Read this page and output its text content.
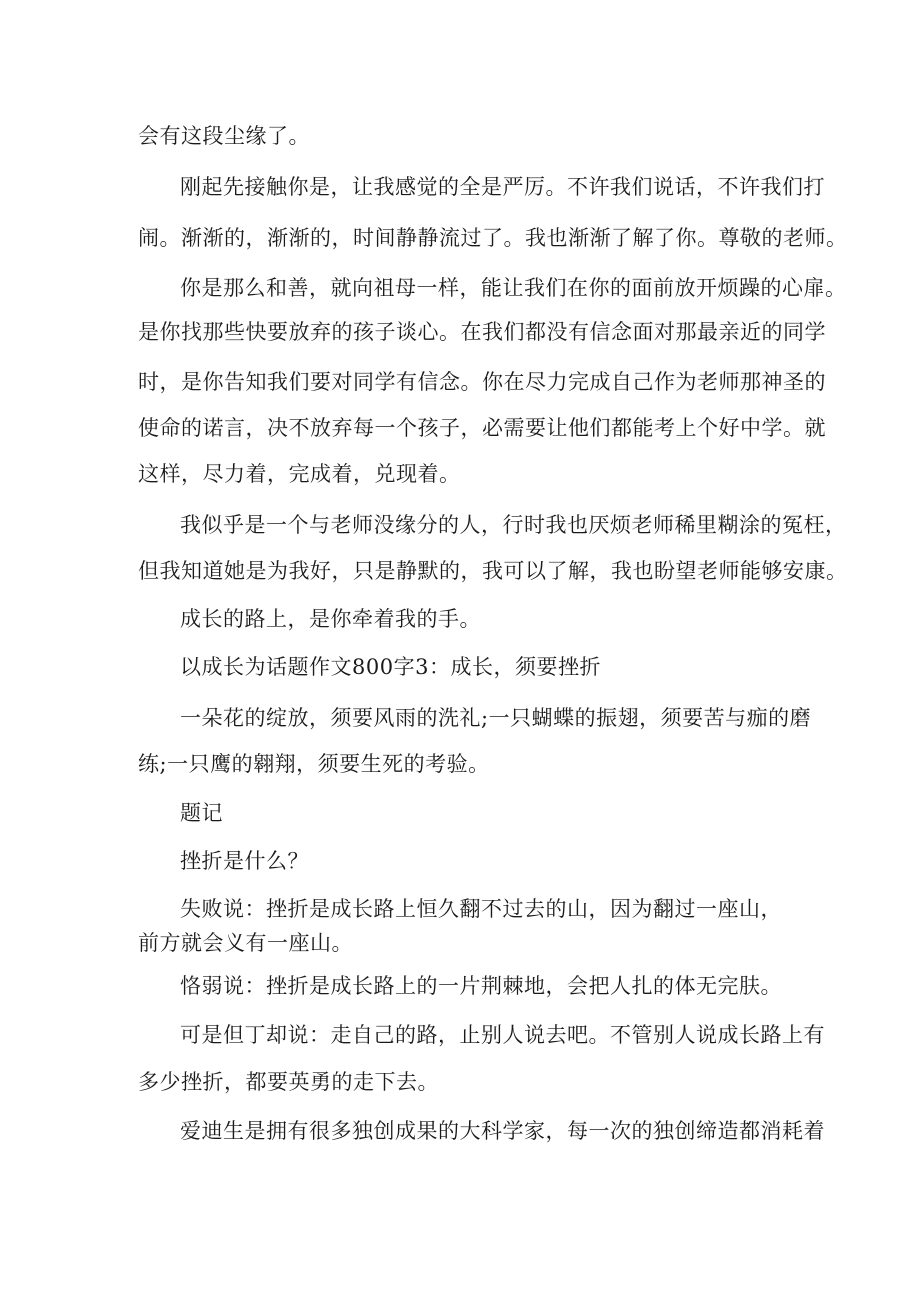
会有这段尘缘了。
刚起先接触你是，让我感觉的全是严厉。不许我们说话，不许我们打
闹。渐渐的，渐渐的，时间静静流过了。我也渐渐了解了你。尊敬的老师。
你是那么和善，就向祖母一样，能让我们在你的面前放开烦躁的心扉。
是你找那些快要放弃的孩子谈心。在我们都没有信念面对那最亲近的同学
时，是你告知我们要对同学有信念。你在尽力完成自己作为老师那神圣的
使命的诺言，决不放弃每一个孩子，必需要让他们都能考上个好中学。就
这样，尽力着，完成着，兑现着。
我似乎是一个与老师没缘分的人，行时我也厌烦老师稀里糊涂的冤枉，
但我知道她是为我好，只是静默的，我可以了解，我也盼望老师能够安康。
成长的路上，是你牵着我的手。
以成长为话题作文800字3：成长，须要挫折
一朵花的绽放，须要风雨的洗礼;一只蝴蝶的振翅，须要苦与痂的磨
练;一只鹰的翱翔，须要生死的考验。
题记
挫折是什么？
失败说：挫折是成长路上恒久翻不过去的山，因为翻过一座山，
前方就会义有一座山。
恪弱说：挫折是成长路上的一片荆棘地，会把人扎的体无完肤。
可是但丁却说：走自己的路，止别人说去吧。不管别人说成长路上有
多少挫折，都要英勇的走下去。
爱迪生是拥有很多独创成果的大科学家，每一次的独创缔造都消耗着
